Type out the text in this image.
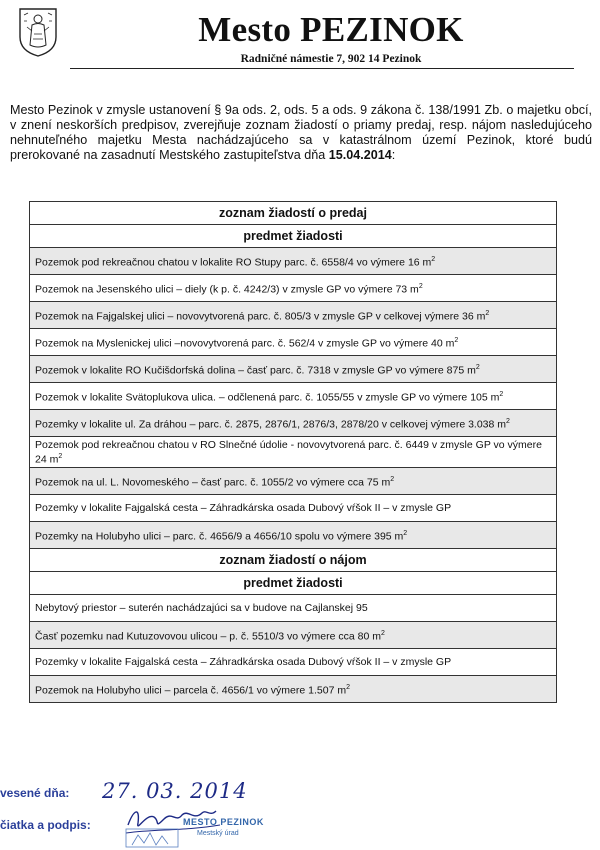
Mesto PEZINOK
Radničné námestie 7, 902 14 Pezinok
Mesto Pezinok v zmysle ustanovení § 9a ods. 2, ods. 5 a ods. 9 zákona č. 138/1991 Zb. o majetku obcí, v znení neskorších predpisov, zverejňuje zoznam žiadostí o priamy predaj, resp. nájom nasledujúceho nehnuteľného majetku Mesta nachádzajúceho sa v katastrálnom území Pezinok, ktoré budú prerokované na zasadnutí Mestského zastupiteľstva dňa 15.04.2014:
zoznam žiadostí o predaj
predmet žiadosti
Pozemok pod rekreačnou chatou v lokalite RO Stupy parc. č. 6558/4 vo výmere 16 $m^2$
Pozemok na Jesenského ulici – diely (k p. č. 4242/3) v zmysle GP vo výmere 73 $m^2$
Pozemok na Fajgalskej ulici – novovytvorená parc. č. 805/3 v zmysle GP v celkovej výmere 36 $m^2$
Pozemok na Myslenickej ulici –novovytvorená parc. č. 562/4 v zmysle GP vo výmere 40 $m^2$
Pozemok v lokalite RO Kučišdorfská dolina – časť parc. č. 7318 v zmysle GP vo výmere 875 $m^2$
Pozemok v lokalite Svätoplukova ulica. – odčlenená parc. č. 1055/55 v zmysle GP vo výmere 105 $m^2$
Pozemky v lokalite ul. Za dráhou – parc. č. 2875, 2876/1, 2876/3, 2878/20 v celkovej výmere 3.038 $m^2$
Pozemok pod rekreačnou chatou v RO Slnečné údolie - novovytvorená parc. č. 6449 v zmysle GP vo výmere 24 $m^2$
Pozemok na ul. L. Novomeského – časť parc. č. 1055/2 vo výmere cca 75 $m^2$
Pozemky v lokalite Fajgalská cesta – Záhradkárska osada Dubový vŕšok II – v zmysle GP
Pozemky na Holubyho ulici – parc. č. 4656/9 a 4656/10 spolu vo výmere 395 $m^2$
zoznam žiadostí o nájom
predmet žiadosti
Nebytový priestor – suterén nachádzajúci sa v budove na Cajlanskej 95
Časť pozemku nad Kutuzovovou ulicou – p. č. 5510/3 vo výmere cca 80 $m^2$
Pozemky v lokalite Fajgalská cesta – Záhradkárska osada Dubový vŕšok II – v zmysle GP
Pozemok na Holubyho ulici – parcela č. 4656/1 vo výmere 1.507 $m^2$
vesené dňa: 27. 03. 2014
čiatka a podpis:	MESTO PEZINOK
Mestský úrad
